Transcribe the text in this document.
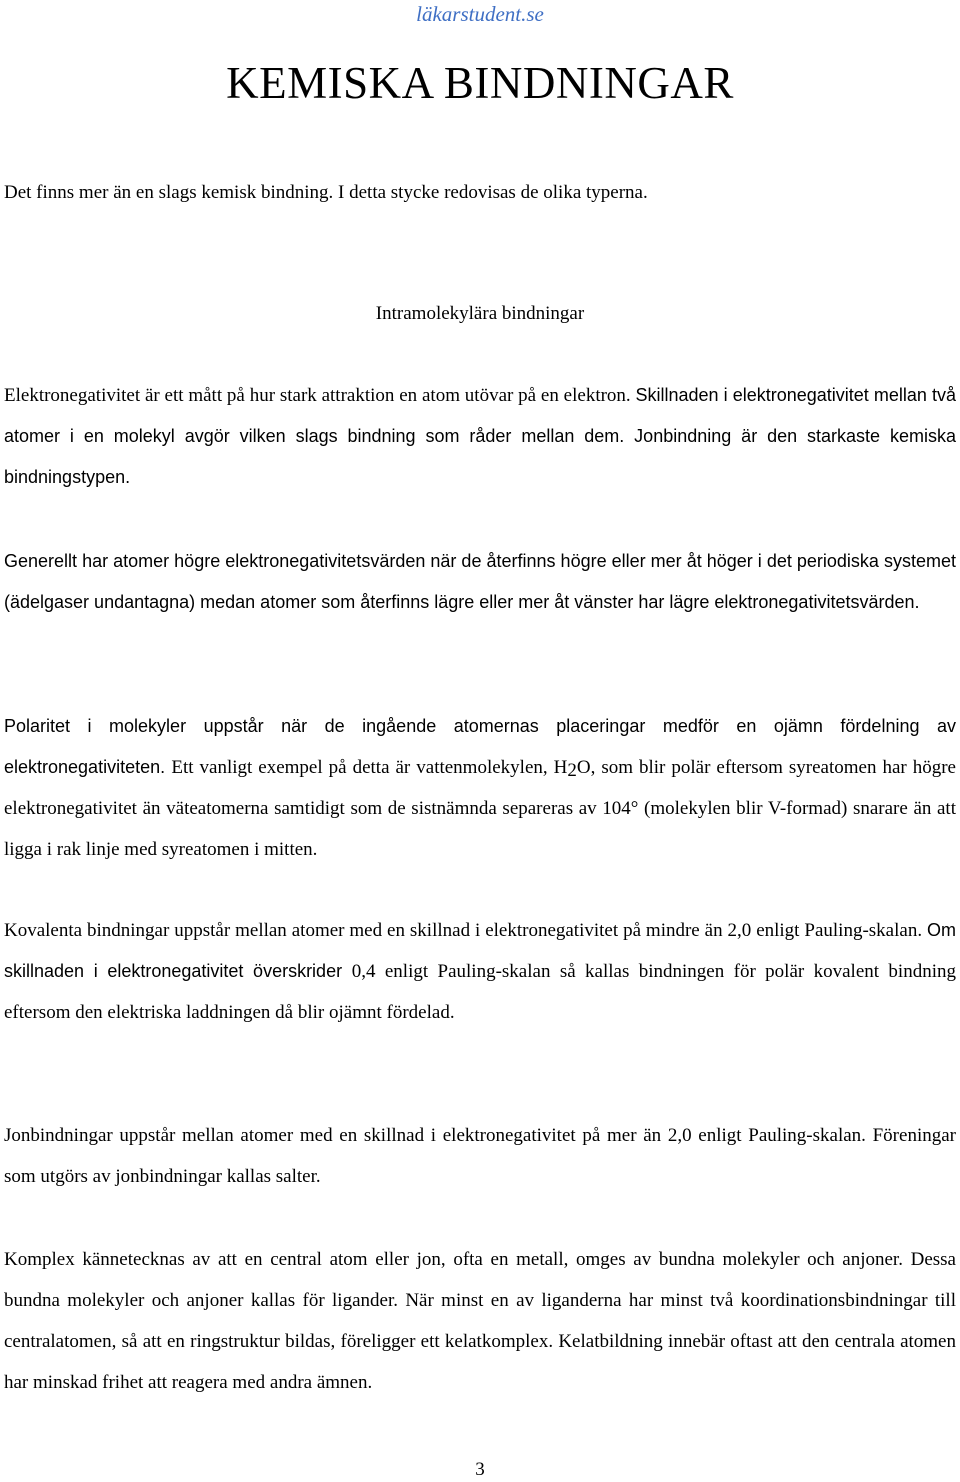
läkarstudent.se
KEMISKA BINDNINGAR
Det finns mer än en slags kemisk bindning. I detta stycke redovisas de olika typerna.
Intramolekylära bindningar
Elektronegativitet är ett mått på hur stark attraktion en atom utövar på en elektron. Skillnaden i elektronegativitet mellan två atomer i en molekyl avgör vilken slags bindning som råder mellan dem. Jonbindning är den starkaste kemiska bindningstypen.
Generellt har atomer högre elektronegativitetsvärden när de återfinns högre eller mer åt höger i det periodiska systemet (ädelgaser undantagna) medan atomer som återfinns lägre eller mer åt vänster har lägre elektronegativitetsvärden.
Polaritet i molekyler uppstår när de ingående atomernas placeringar medför en ojämn fördelning av elektronegativiteten. Ett vanligt exempel på detta är vattenmolekylen, $H_2O$, som blir polär eftersom syreatomen har högre elektronegativitet än väteatomerna samtidigt som de sistnämnda separeras av 104° (molekylen blir V-formad) snarare än att ligga i rak linje med syreatomen i mitten.
Kovalenta bindningar uppstår mellan atomer med en skillnad i elektronegativitet på mindre än 2,0 enligt Pauling-skalan. Om skillnaden i elektronegativitet överskrider 0,4 enligt Pauling-skalan så kallas bindningen för polär kovalent bindning eftersom den elektriska laddningen då blir ojämnt fördelad.
Jonbindningar uppstår mellan atomer med en skillnad i elektronegativitet på mer än 2,0 enligt Pauling-skalan. Föreningar som utgörs av jonbindningar kallas salter.
Komplex kännetecknas av att en central atom eller jon, ofta en metall, omges av bundna molekyler och anjoner. Dessa bundna molekyler och anjoner kallas för ligander. När minst en av liganderna har minst två koordinationsbindningar till centralatomen, så att en ringstruktur bildas, föreligger ett kelatkomplex. Kelatbildning innebär oftast att den centrala atomen har minskad frihet att reagera med andra ämnen.
3
